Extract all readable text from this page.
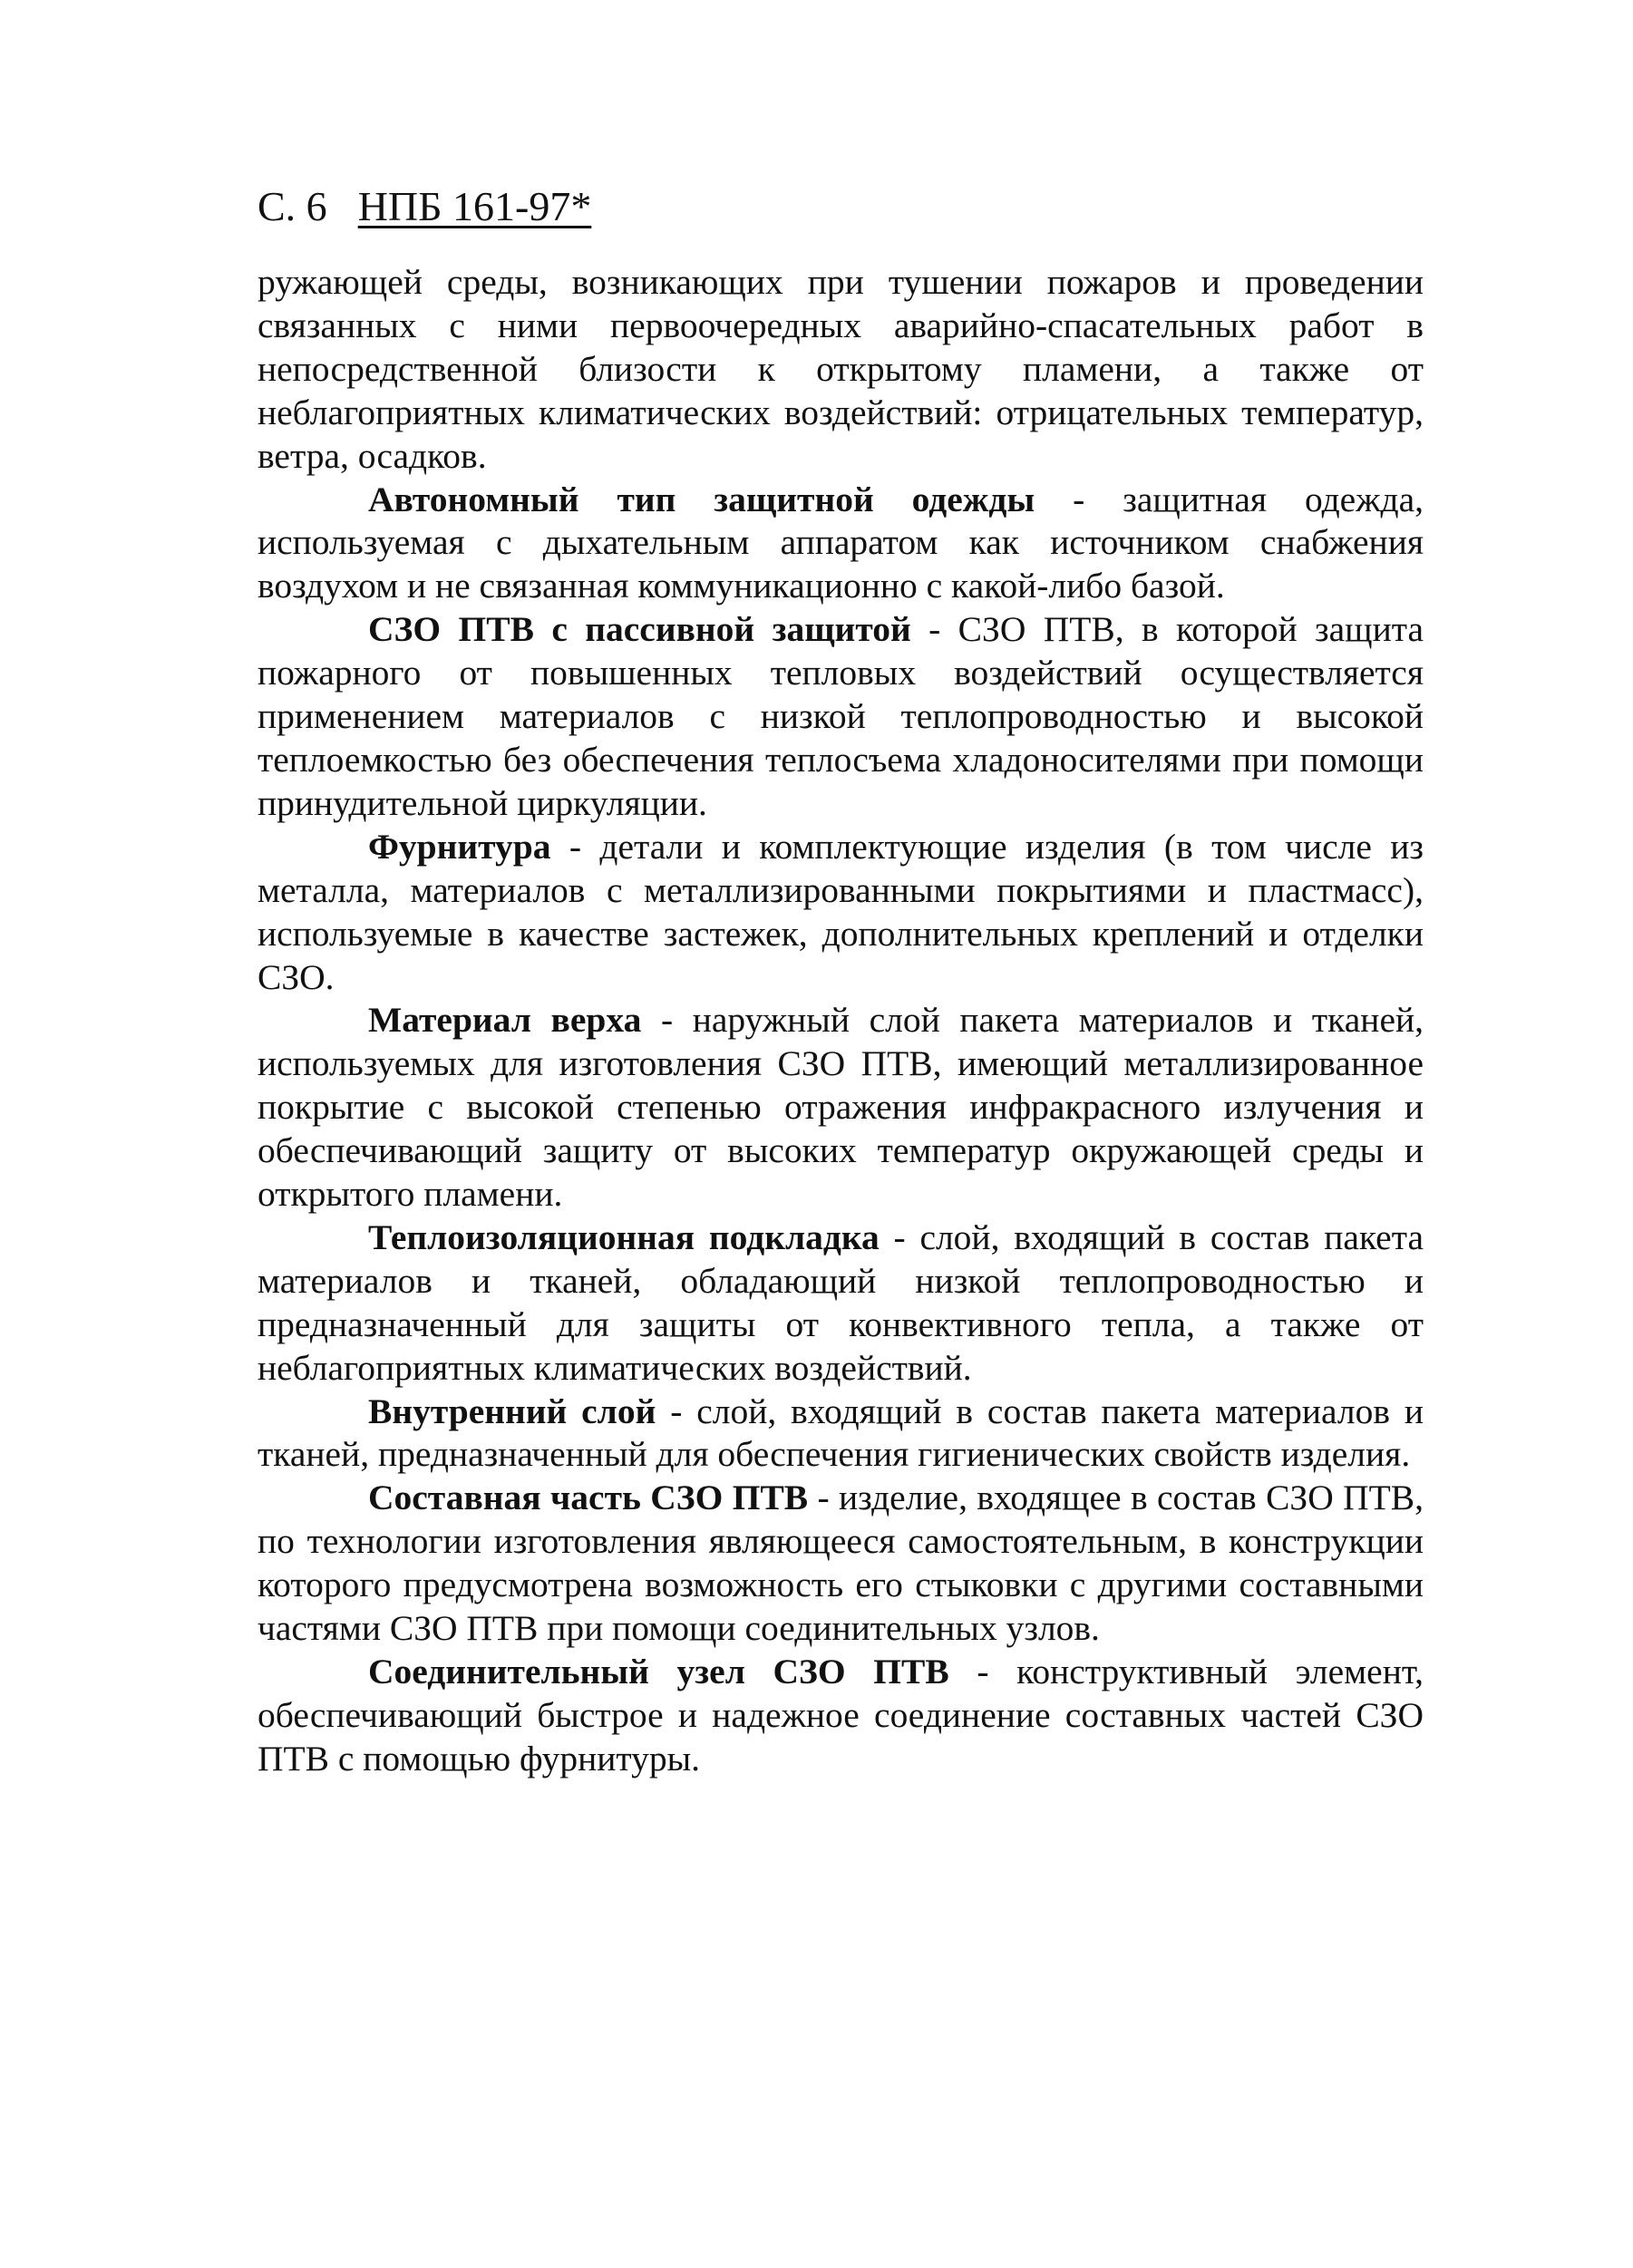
С. 6 НПБ 161-97*

ружающей среды, возникающих при тушении пожаров и проведении связанных с ними первоочередных аварийно-спасательных работ в непосредственной близости к открытому пламени, а также от неблагоприятных климатических воздействий: отрицательных температур, ветра, осадков.

Автономный тип защитной одежды - защитная одежда, используемая с дыхательным аппаратом как источником снабжения воздухом и не связанная коммуникационно с какой-либо базой.

СЗО ПТВ с пассивной защитой - СЗО ПТВ, в которой защита пожарного от повышенных тепловых воздействий осуществляется применением материалов с низкой теплопроводностью и высокой теплоемкостью без обеспечения теплосъема хладоносителями при помощи принудительной циркуляции.

Фурнитура - детали и комплектующие изделия (в том числе из металла, материалов с металлизированными покрытиями и пластмасс), используемые в качестве застежек, дополнительных креплений и отделки СЗО.

Материал верха - наружный слой пакета материалов и тканей, используемых для изготовления СЗО ПТВ, имеющий металлизированное покрытие с высокой степенью отражения инфракрасного излучения и обеспечивающий защиту от высоких температур окружающей среды и открытого пламени.

Теплоизоляционная подкладка - слой, входящий в состав пакета материалов и тканей, обладающий низкой теплопроводностью и предназначенный для защиты от конвективного тепла, а также от неблагоприятных климатических воздействий.

Внутренний слой - слой, входящий в состав пакета материалов и тканей, предназначенный для обеспечения гигиенических свойств изделия.

Составная часть СЗО ПТВ - изделие, входящее в состав СЗО ПТВ, по технологии изготовления являющееся самостоятельным, в конструкции которого предусмотрена возможность его стыковки с другими составными частями СЗО ПТВ при помощи соединительных узлов.

Соединительный узел СЗО ПТВ - конструктивный элемент, обеспечивающий быстрое и надежное соединение составных частей СЗО ПТВ с помощью фурнитуры.
